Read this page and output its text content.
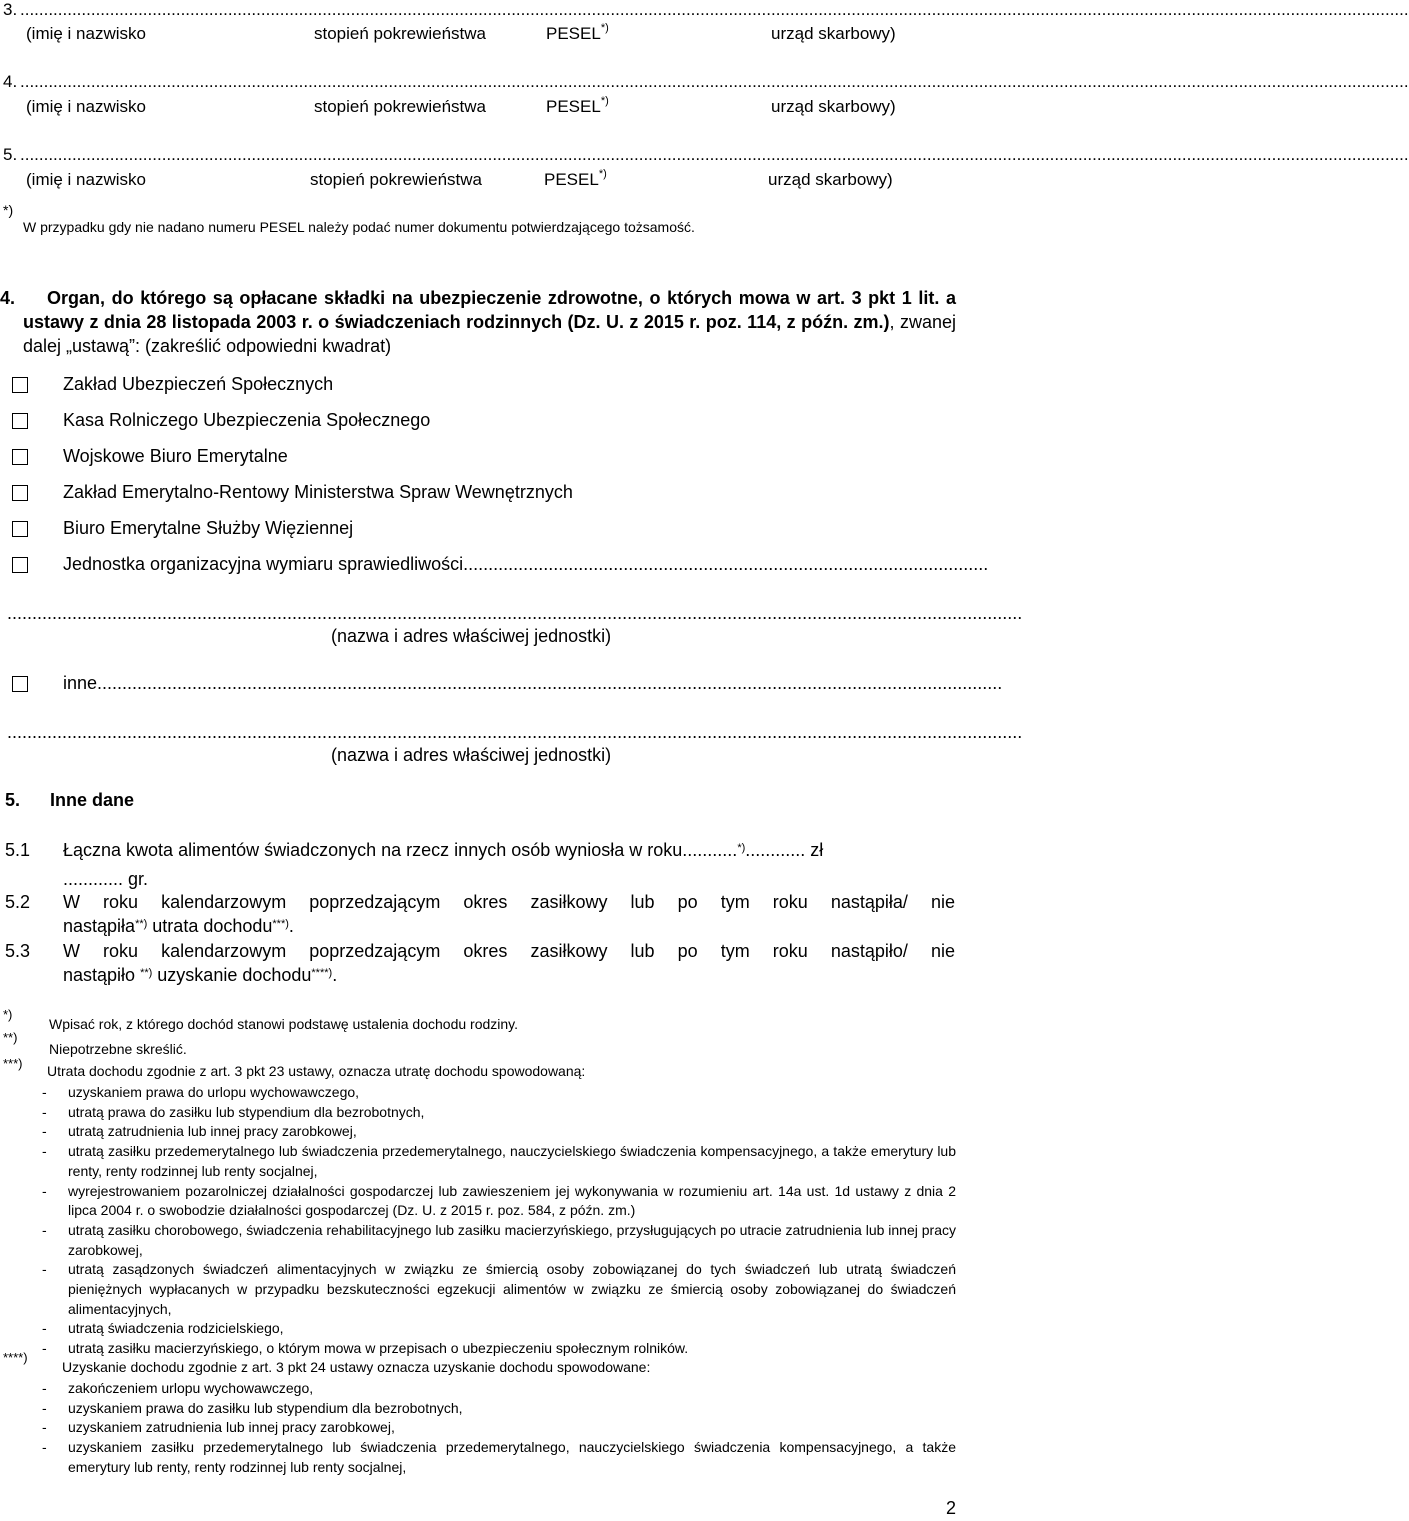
3. ......................................................................................................................................................................................................................................................................................................
(imię i nazwisko	stopień pokrewieństwa	PESEL*)	urząd skarbowy)
4. ......................................................................................................................................................................................................................................................................................................
(imię i nazwisko	stopień pokrewieństwa	PESEL*)	urząd skarbowy)
5. ......................................................................................................................................................................................................................................................................................................
(imię i nazwisko	stopień pokrewieństwa	PESEL*)	urząd skarbowy)
*)
W przypadku gdy nie nadano numeru PESEL należy podać numer dokumentu potwierdzającego tożsamość.
4.	Organ, do którego są opłacane składki na ubezpieczenie zdrowotne, o których mowa w art. 3 pkt 1 lit. a ustawy z dnia 28 listopada 2003 r. o świadczeniach rodzinnych (Dz. U. z 2015 r. poz. 114, z późn. zm.), zwanej dalej „ustawą”: (zakreślić odpowiedni kwadrat)
Zakład Ubezpieczeń Społecznych
Kasa Rolniczego Ubezpieczenia Społecznego
Wojskowe Biuro Emerytalne
Zakład Emerytalno-Rentowy Ministerstwa Spraw Wewnętrznych
Biuro Emerytalne Służby Więziennej
Jednostka organizacyjna wymiaru sprawiedliwości.........................................................................................................
...........................................................................................................................................................................................................
(nazwa i adres właściwej jednostki)
inne.....................................................................................................................................................................................
...........................................................................................................................................................................................................
(nazwa i adres właściwej jednostki)
5. Inne dane
5.1 Łączna kwota alimentów świadczonych na rzecz innych osób wyniosła w roku...........*)............ zł
............ gr.
5.2 W roku kalendarzowym poprzedzającym okres zasiłkowy lub po tym roku nastąpiła/ nie
nastąpiła**) utrata dochodu***).
5.3 W roku kalendarzowym poprzedzającym okres zasiłkowy lub po tym roku nastąpiło/ nie
nastąpiło **) uzyskanie dochodu****).
*)
Wpisać rok, z którego dochód stanowi podstawę ustalenia dochodu rodziny.
**)
Niepotrzebne skreślić.
***) Utrata dochodu zgodnie z art. 3 pkt 23 ustawy, oznacza utratę dochodu spowodowaną:
-	uzyskaniem prawa do urlopu wychowawczego,
-	utratą prawa do zasiłku lub stypendium dla bezrobotnych,
-	utratą zatrudnienia lub innej pracy zarobkowej,
-	utratą zasiłku przedemerytalnego lub świadczenia przedemerytalnego, nauczycielskiego świadczenia kompensacyjnego, a także emerytury lub renty, renty rodzinnej lub renty socjalnej,
-	wyrejestrowaniem pozarolniczej działalności gospodarczej lub zawieszeniem jej wykonywania w rozumieniu art. 14a ust. 1d ustawy z dnia 2 lipca 2004 r. o swobodzie działalności gospodarczej (Dz. U. z 2015 r. poz. 584, z późn. zm.)
-	utratą zasiłku chorobowego, świadczenia rehabilitacyjnego lub zasiłku macierzyńskiego, przysługujących po utracie zatrudnienia lub innej pracy zarobkowej,
-	utratą zasądzonych świadczeń alimentacyjnych w związku ze śmiercią osoby zobowiązanej do tych świadczeń lub utratą świadczeń pieniężnych wypłacanych w przypadku bezskuteczności egzekucji alimentów w związku ze śmiercią osoby zobowiązanej do świadczeń alimentacyjnych,
-	utratą świadczenia rodzicielskiego,
-	utratą zasiłku macierzyńskiego, o którym mowa w przepisach o ubezpieczeniu społecznym rolników.
****)
Uzyskanie dochodu zgodnie z art. 3 pkt 24 ustawy oznacza uzyskanie dochodu spowodowane:
-	zakończeniem urlopu wychowawczego,
-	uzyskaniem prawa do zasiłku lub stypendium dla bezrobotnych,
-	uzyskaniem zatrudnienia lub innej pracy zarobkowej,
-	uzyskaniem zasiłku przedemerytalnego lub świadczenia przedemerytalnego, nauczycielskiego świadczenia kompensacyjnego, a także emerytury lub renty, renty rodzinnej lub renty socjalnej,
2
